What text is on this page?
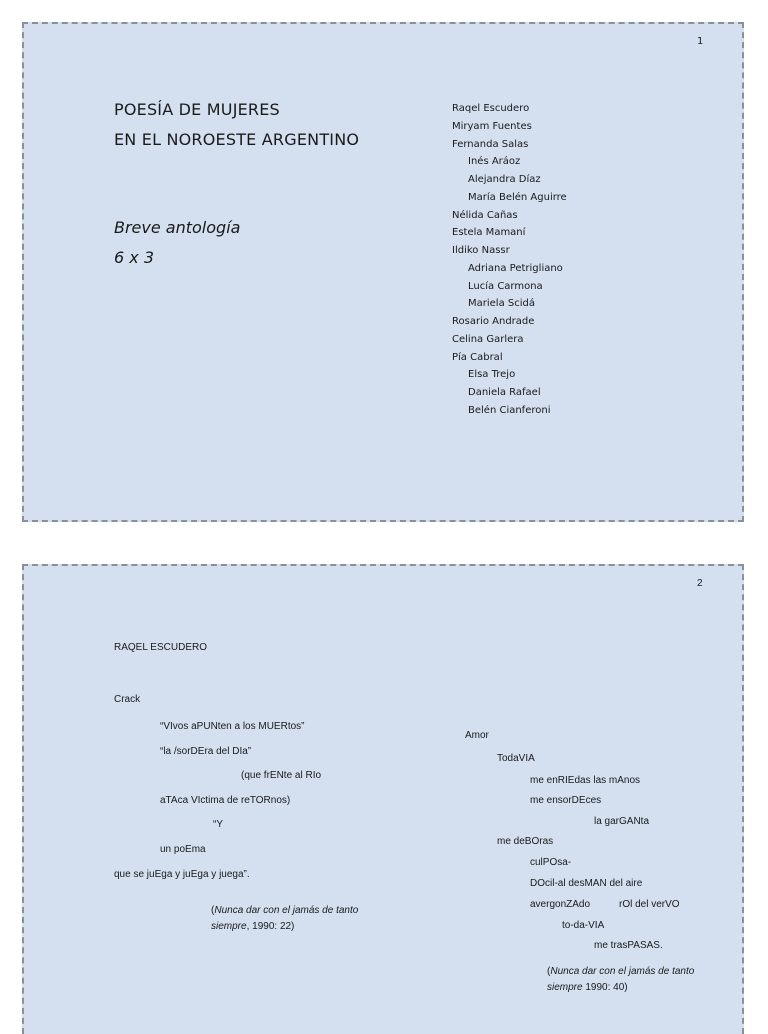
1
POESÍA DE MUJERES
EN EL NOROESTE ARGENTINO
Breve antología
6 x 3
Raqel Escudero
Miryam Fuentes
Fernanda Salas
Inés Aráoz
Alejandra Díaz
María Belén Aguirre
Nélida Cañas
Estela Mamaní
Ildiko Nassr
Adriana Petrigliano
Lucía Carmona
Mariela Scidá
Rosario Andrade
Celina Garlera
Pía Cabral
Elsa Trejo
Daniela Rafael
Belén Cianferoni
2
RAQEL ESCUDERO
Crack
“VIvos aPUNten a los MUERtos”
“la /sorDEra del DIa”
(que frENte al RIo
aTAca VIctima de reTORnos)
“Y
un poEma
que se juEga y juEga y juega”.
(Nunca dar con el jamás de tanto siempre, 1990: 22)
Amor
TodaVIA
me enRIEdas las mAnos
me ensorDEces
la garGANta
me deBOras
culPOsa-
DOcil-al desMAN del aire
avergonZAdo	rOl del verVO
to-da-VIA
me trasPASAS.
(Nunca dar con el jamás de tanto siempre 1990: 40)
